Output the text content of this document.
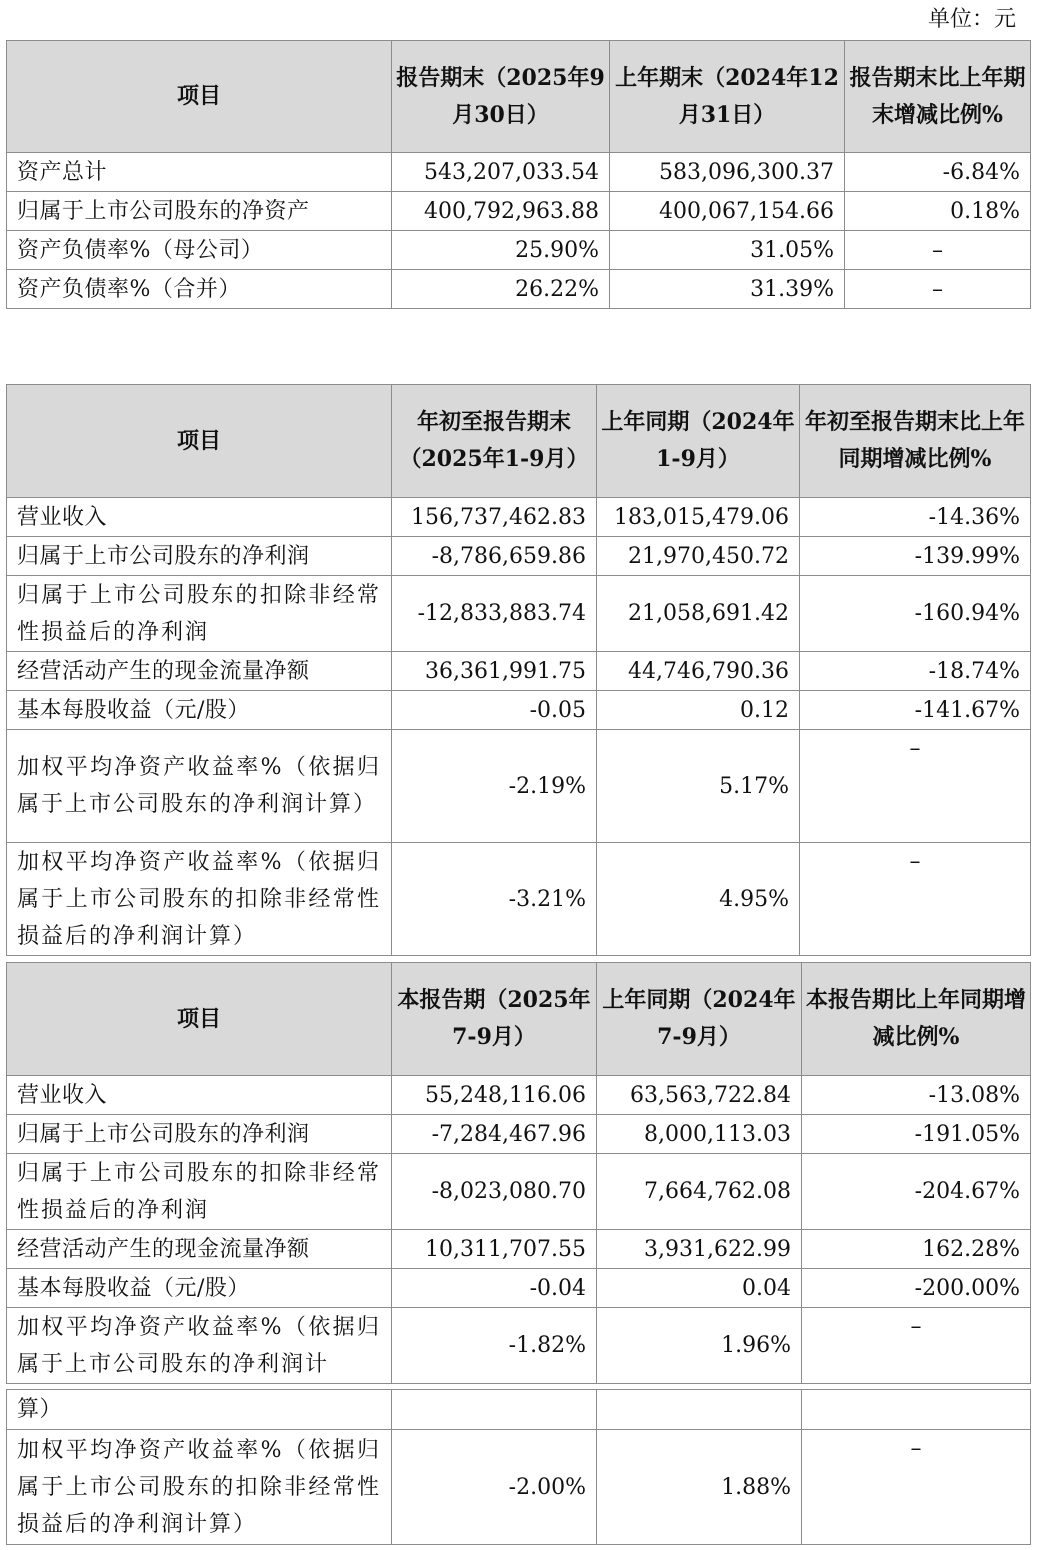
单位：元
项目	报告期末（2025年9月30日）	上年期末（2024年12月31日）	报告期末比上年期末增减比例%
资产总计	543,207,033.54	583,096,300.37	-6.84%
归属于上市公司股东的净资产	400,792,963.88	400,067,154.66	0.18%
资产负债率%（母公司）	25.90%	31.05%	–
资产负债率%（合并）	26.22%	31.39%	–
项目	年初至报告期末（2025年1-9月）	上年同期（2024年1-9月）	年初至报告期末比上年同期增减比例%
营业收入	156,737,462.83	183,015,479.06	-14.36%
归属于上市公司股东的净利润	-8,786,659.86	21,970,450.72	-139.99%
归属于上市公司股东的扣除非经常性损益后的净利润	-12,833,883.74	21,058,691.42	-160.94%
经营活动产生的现金流量净额	36,361,991.75	44,746,790.36	-18.74%
基本每股收益（元/股）	-0.05	0.12	-141.67%
加权平均净资产收益率%（依据归属于上市公司股东的净利润计算）	-2.19%	5.17%	–
加权平均净资产收益率%（依据归属于上市公司股东的扣除非经常性损益后的净利润计算）	-3.21%	4.95%	–
项目	本报告期（2025年7-9月）	上年同期（2024年7-9月）	本报告期比上年同期增减比例%
营业收入	55,248,116.06	63,563,722.84	-13.08%
归属于上市公司股东的净利润	-7,284,467.96	8,000,113.03	-191.05%
归属于上市公司股东的扣除非经常性损益后的净利润	-8,023,080.70	7,664,762.08	-204.67%
经营活动产生的现金流量净额	10,311,707.55	3,931,622.99	162.28%
基本每股收益（元/股）	-0.04	0.04	-200.00%
加权平均净资产收益率%（依据归属于上市公司股东的净利润计	-1.82%	1.96%	–
算）			
加权平均净资产收益率%（依据归属于上市公司股东的扣除非经常性损益后的净利润计算）	-2.00%	1.88%	–
